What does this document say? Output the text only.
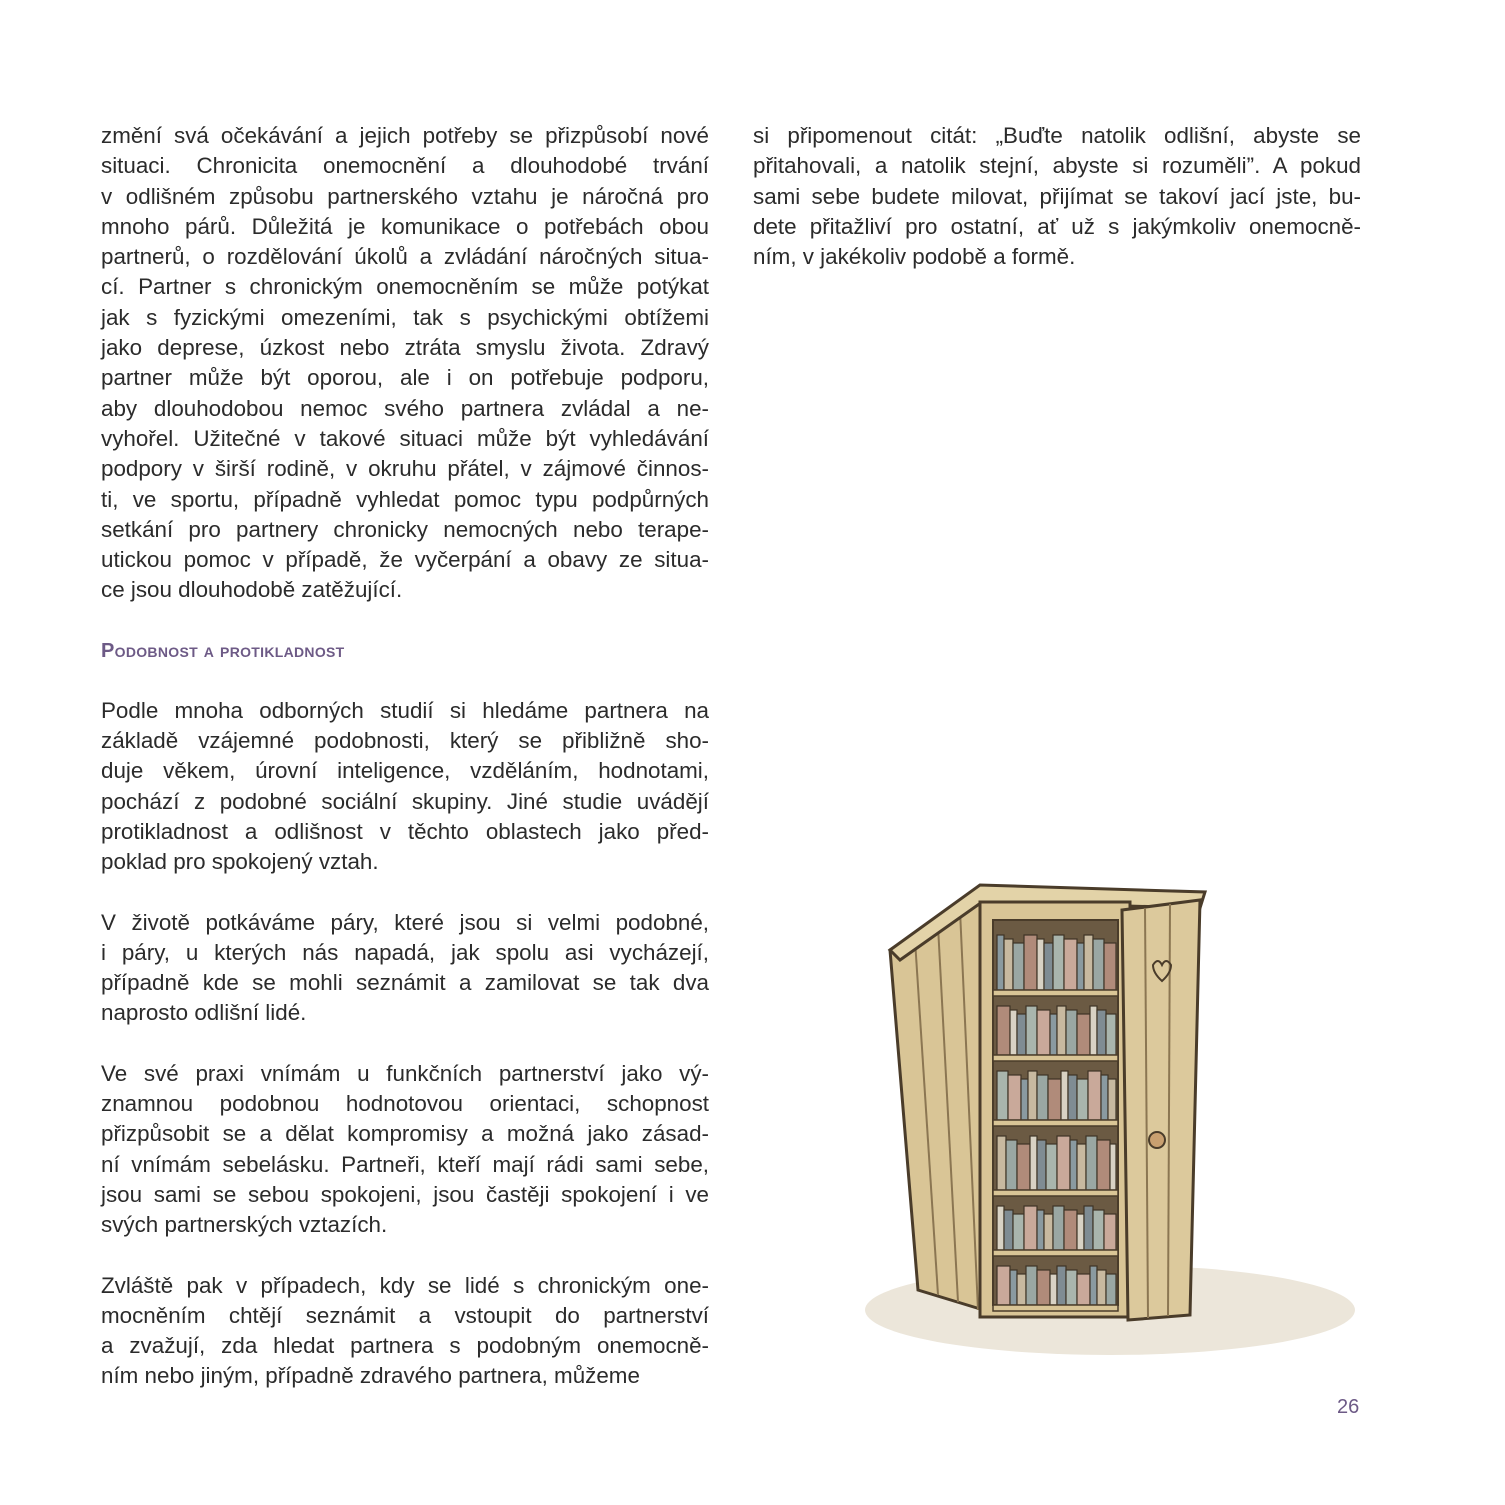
změní svá očekávání a jejich potřeby se přizpůsobí nové
situaci. Chronicita onemocnění a dlouhodobé trvání
v odlišném způsobu partnerského vztahu je náročná pro
mnoho párů. Důležitá je komunikace o potřebách obou
partnerů, o rozdělování úkolů a zvládání náročných situa-
cí. Partner s chronickým onemocněním se může potýkat
jak s fyzickými omezeními, tak s psychickými obtížemi
jako deprese, úzkost nebo ztráta smyslu života. Zdravý
partner může být oporou, ale i on potřebuje podporu,
aby dlouhodobou nemoc svého partnera zvládal a ne-
vyhořel. Užitečné v takové situaci může být vyhledávání
podpory v širší rodině, v okruhu přátel, v zájmové činnos-
ti, ve sportu, případně vyhledat pomoc typu podpůrných
setkání pro partnery chronicky nemocných nebo terape-
utickou pomoc v případě, že vyčerpání a obavy ze situa-
ce jsou dlouhodobě zatěžující.

Podobnost a protikladnost

Podle mnoha odborných studií si hledáme partnera na
základě vzájemné podobnosti, který se přibližně sho-
duje věkem, úrovní inteligence, vzděláním, hodnotami,
pochází z podobné sociální skupiny. Jiné studie uvádějí
protikladnost a odlišnost v těchto oblastech jako před-
poklad pro spokojený vztah.

V životě potkáváme páry, které jsou si velmi podobné,
i páry, u kterých nás napadá, jak spolu asi vycházejí,
případně kde se mohli seznámit a zamilovat se tak dva
naprosto odlišní lidé.

Ve své praxi vnímám u funkčních partnerství jako vý-
znamnou podobnou hodnotovou orientaci, schopnost
přizpůsobit se a dělat kompromisy a možná jako zásad-
ní vnímám sebelásku. Partneři, kteří mají rádi sami sebe,
jsou sami se sebou spokojeni, jsou častěji spokojení i ve
svých partnerských vztazích.

Zvláště pak v případech, kdy se lidé s chronickým one-
mocněním chtějí seznámit a vstoupit do partnerství
a zvažují, zda hledat partnera s podobným onemocně-
ním nebo jiným, případně zdravého partnera, můžeme

si připomenout citát: „Buďte natolik odlišní, abyste se
přitahovali, a natolik stejní, abyste si rozuměli”. A pokud
sami sebe budete milovat, přijímat se takoví jací jste, bu-
dete přitažliví pro ostatní, ať už s jakýmkoliv onemocně-
ním, v jakékoliv podobě a formě.

26
